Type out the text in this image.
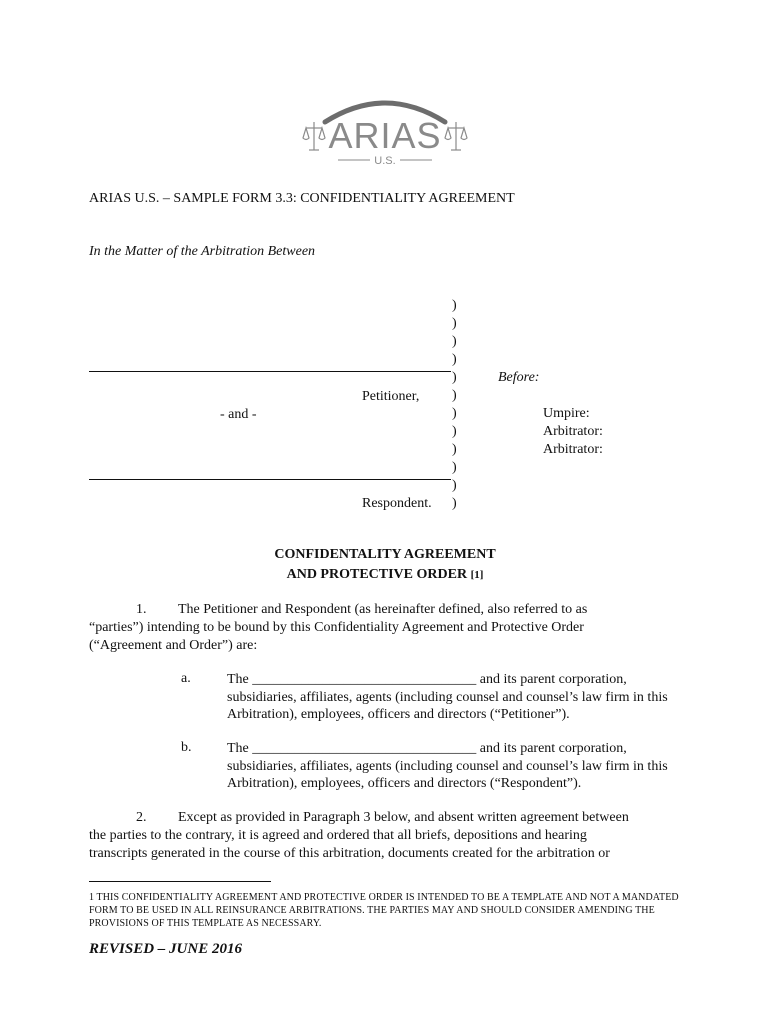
ARIAS
U.S.
ARIAS U.S. – SAMPLE FORM 3.3: CONFIDENTIALITY AGREEMENT
In the Matter of the Arbitration Between
)
)
)
)
)
)
)
)
)
)
)
)
Petitioner,
- and -
Respondent.
Before:
Umpire:
Arbitrator:
Arbitrator:
CONFIDENTALITY AGREEMENT
AND PROTECTIVE ORDER [1]
1. The Petitioner and Respondent (as hereinafter defined, also referred to as
“parties”) intending to be bound by this Confidentiality Agreement and Protective Order
(“Agreement and Order”) are:
a.	The ________________________________ and its parent corporation, subsidiaries, affiliates, agents (including counsel and counsel’s law firm in this Arbitration), employees, officers and directors (“Petitioner”).
b.	The ________________________________ and its parent corporation, subsidiaries, affiliates, agents (including counsel and counsel’s law firm in this Arbitration), employees, officers and directors (“Respondent”).
2. Except as provided in Paragraph 3 below, and absent written agreement between
the parties to the contrary, it is agreed and ordered that all briefs, depositions and hearing
transcripts generated in the course of this arbitration, documents created for the arbitration or
1 THIS CONFIDENTIALITY AGREEMENT AND PROTECTIVE ORDER IS INTENDED TO BE A TEMPLATE AND NOT A MANDATED FORM TO BE USED IN ALL REINSURANCE ARBITRATIONS. THE PARTIES MAY AND SHOULD CONSIDER AMENDING THE PROVISIONS OF THIS TEMPLATE AS NECESSARY.
REVISED – JUNE 2016
